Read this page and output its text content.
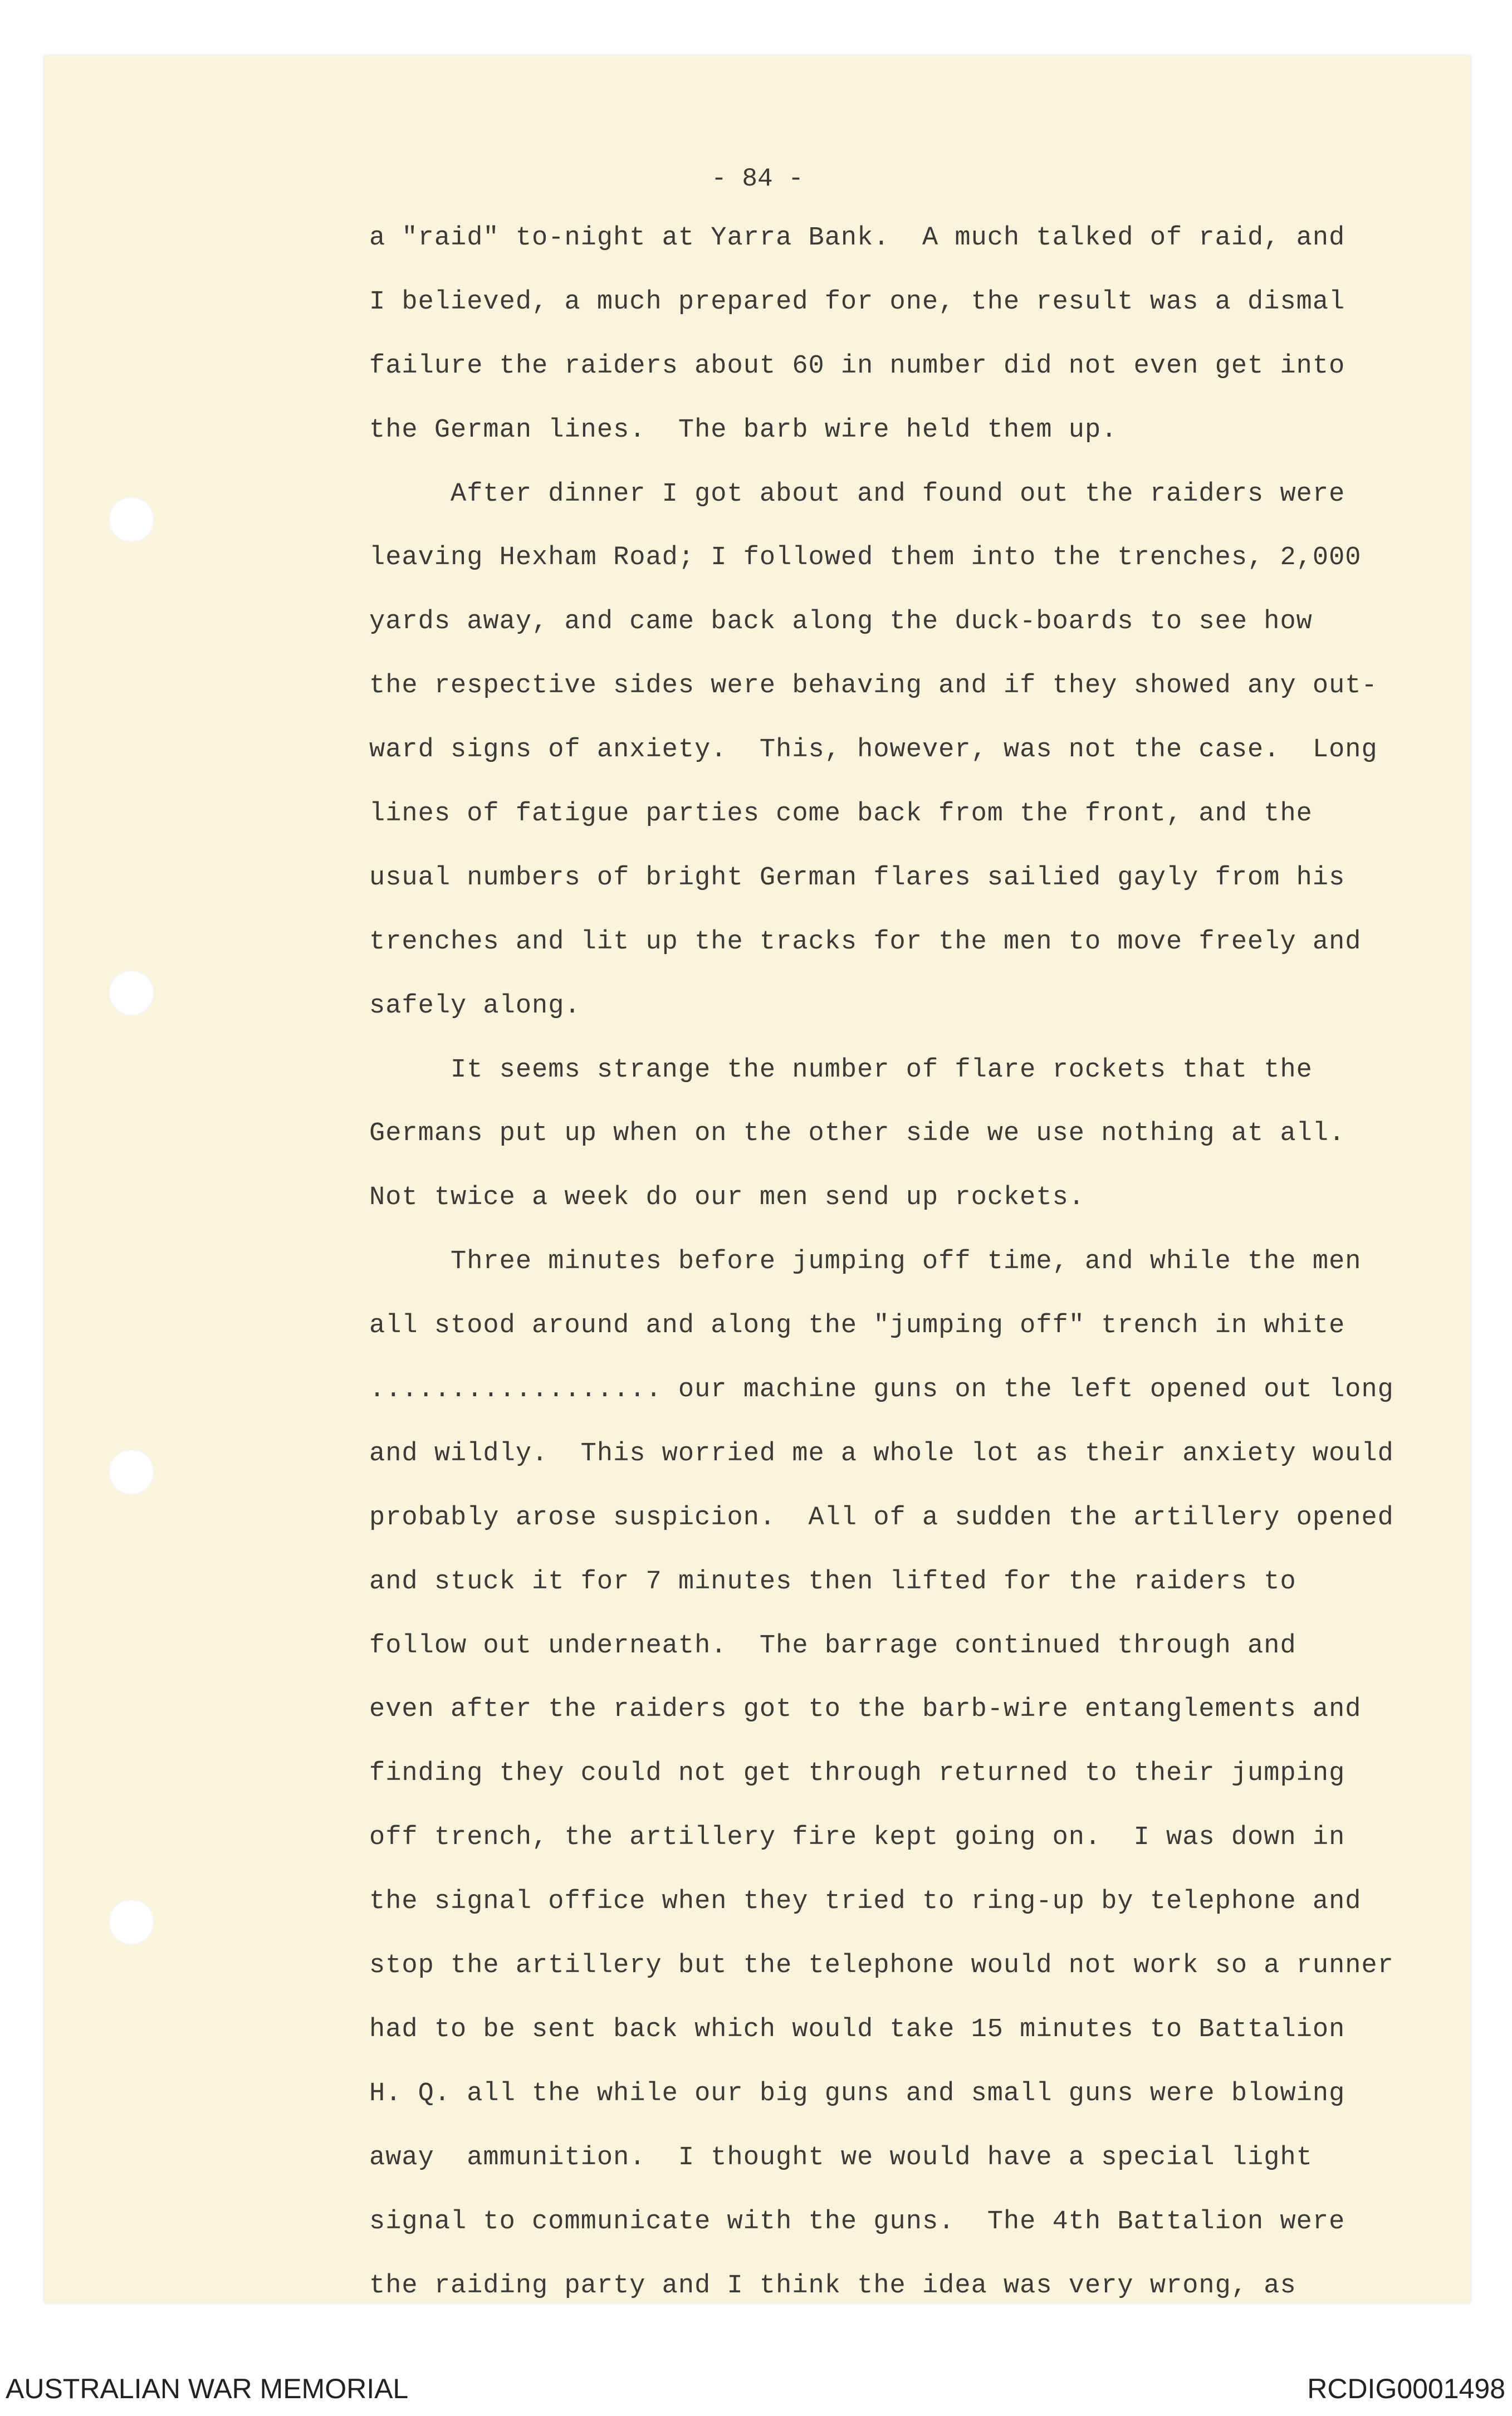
- 84 -
a "raid" to-night at Yarra Bank.  A much talked of raid, and
I believed, a much prepared for one, the result was a dismal
failure the raiders about 60 in number did not even get into
the German lines.  The barb wire held them up.
After dinner I got about and found out the raiders were
leaving Hexham Road; I followed them into the trenches, 2,000
yards away, and came back along the duck-boards to see how
the respective sides were behaving and if they showed any out-
ward signs of anxiety.  This, however, was not the case.  Long
lines of fatigue parties come back from the front, and the
usual numbers of bright German flares sailied gayly from his
trenches and lit up the tracks for the men to move freely and
safely along.
It seems strange the number of flare rockets that the
Germans put up when on the other side we use nothing at all.
Not twice a week do our men send up rockets.
Three minutes before jumping off time, and while the men
all stood around and along the "jumping off" trench in white
.................. our machine guns on the left opened out long
and wildly.  This worried me a whole lot as their anxiety would
probably arose suspicion.  All of a sudden the artillery opened
and stuck it for 7 minutes then lifted for the raiders to
follow out underneath.  The barrage continued through and
even after the raiders got to the barb-wire entanglements and
finding they could not get through returned to their jumping
off trench, the artillery fire kept going on.  I was down in
the signal office when they tried to ring-up by telephone and
stop the artillery but the telephone would not work so a runner
had to be sent back which would take 15 minutes to Battalion
H. Q. all the while our big guns and small guns were blowing
away  ammunition.  I thought we would have a special light
signal to communicate with the guns.  The 4th Battalion were
the raiding party and I think the idea was very wrong, as
AUSTRALIAN WAR MEMORIAL	RCDIG0001498
